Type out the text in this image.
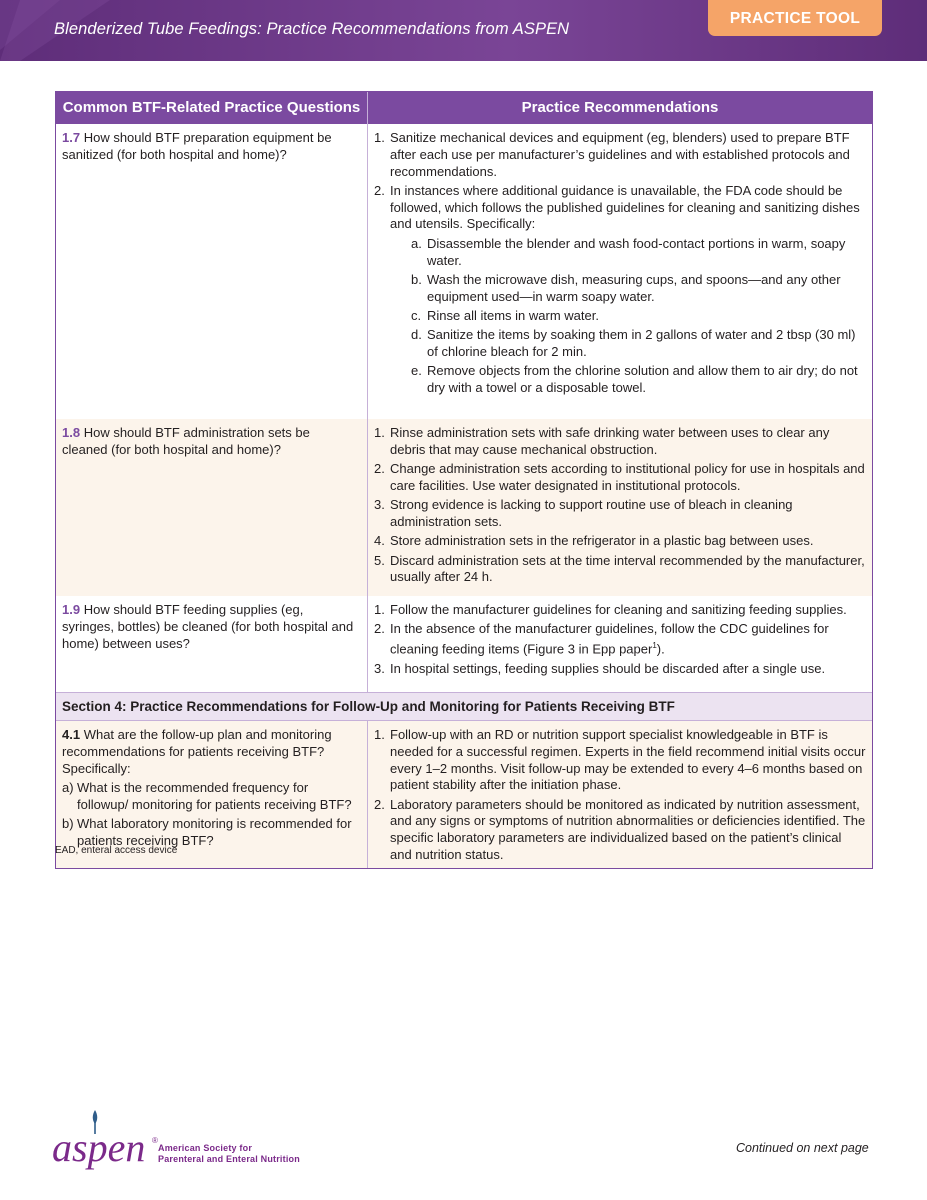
Blenderized Tube Feedings: Practice Recommendations from ASPEN
PRACTICE TOOL
Common BTF-Related Practice Questions	Practice Recommendations
1.7 How should BTF preparation equipment be sanitized (for both hospital and home)?
1. Sanitize mechanical devices and equipment (eg, blenders) used to prepare BTF after each use per manufacturer’s guidelines and with established protocols and recommendations.
2. In instances where additional guidance is unavailable, the FDA code should be followed, which follows the published guidelines for cleaning and sanitizing dishes and utensils. Specifically:
a. Disassemble the blender and wash food-contact portions in warm, soapy water.
b. Wash the microwave dish, measuring cups, and spoons—and any other equipment used—in warm soapy water.
c. Rinse all items in warm water.
d. Sanitize the items by soaking them in 2 gallons of water and 2 tbsp (30 ml) of chlorine bleach for 2 min.
e. Remove objects from the chlorine solution and allow them to air dry; do not dry with a towel or a disposable towel.
1.8 How should BTF administration sets be cleaned (for both hospital and home)?
1. Rinse administration sets with safe drinking water between uses to clear any debris that may cause mechanical obstruction.
2. Change administration sets according to institutional policy for use in hospitals and care facilities. Use water designated in institutional protocols.
3. Strong evidence is lacking to support routine use of bleach in cleaning administration sets.
4. Store administration sets in the refrigerator in a plastic bag between uses.
5. Discard administration sets at the time interval recommended by the manufacturer, usually after 24 h.
1.9 How should BTF feeding supplies (eg, syringes, bottles) be cleaned (for both hospital and home) between uses?
1. Follow the manufacturer guidelines for cleaning and sanitizing feeding supplies.
2. In the absence of the manufacturer guidelines, follow the CDC guidelines for cleaning feeding items (Figure 3 in Epp paper$^1$).
3. In hospital settings, feeding supplies should be discarded after a single use.
Section 4: Practice Recommendations for Follow-Up and Monitoring for Patients Receiving BTF
4.1 What are the follow-up plan and monitoring recommendations for patients receiving BTF? Specifically:
a) What is the recommended frequency for followup/ monitoring for patients receiving BTF?
b) What laboratory monitoring is recommended for patients receiving BTF?
1. Follow-up with an RD or nutrition support specialist knowledgeable in BTF is needed for a successful regimen. Experts in the field recommend initial visits occur every 1–2 months. Visit follow-up may be extended to every 4–6 months based on patient stability after the initiation phase.
2. Laboratory parameters should be monitored as indicated by nutrition assessment, and any signs or symptoms of nutrition abnormalities or deficiencies identified. The specific laboratory parameters are individualized based on the patient’s clinical and nutrition status.
EAD, enteral access device
aspen ®
American Society for
Parenteral and Enteral Nutrition
Continued on next page
